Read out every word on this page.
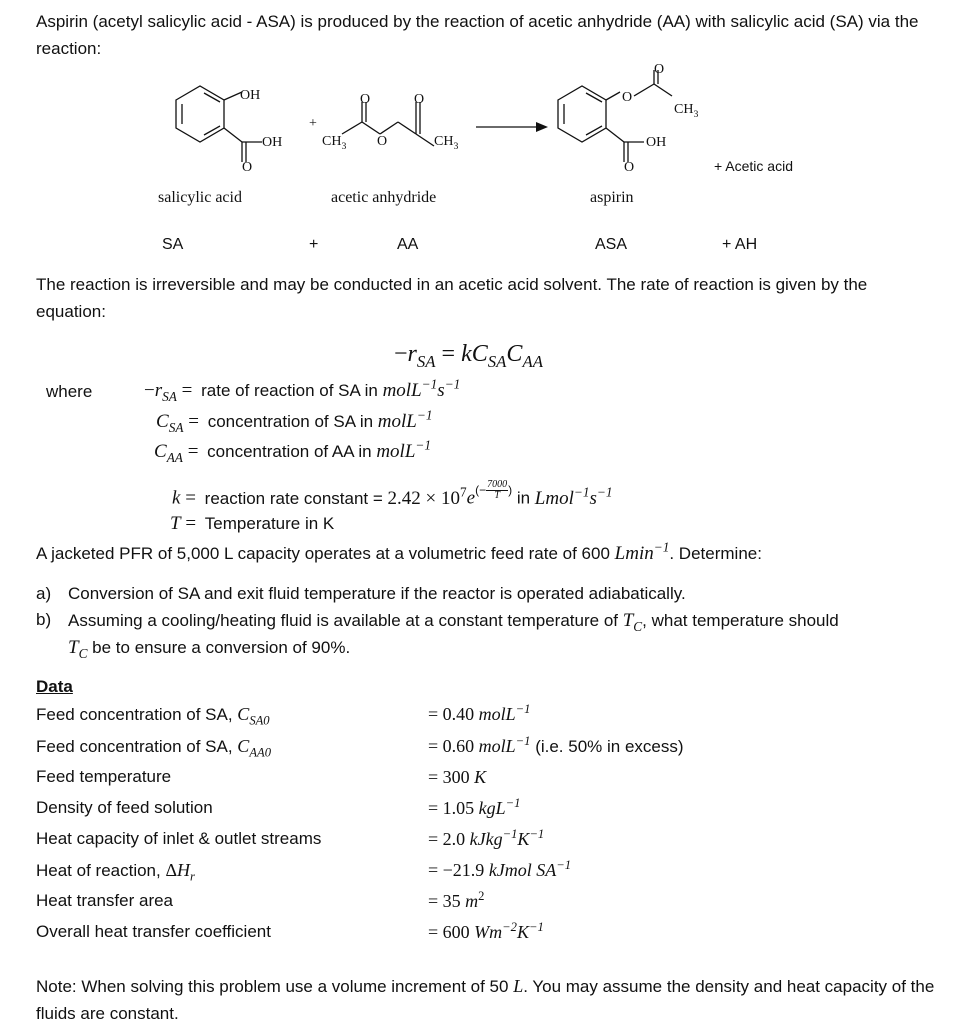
Aspirin (acetyl salicylic acid - ASA) is produced by the reaction of acetic anhydride (AA) with salicylic acid (SA) via the reaction:
OH
OH
O
+
$CH_3$
O
O
O
$CH_3$
O
O
$CH_3$
OH
O	+ Acetic acid
salicylic acid	acetic anhydride	aspirin
SA	+	AA	ASA	+ AH
The reaction is irreversible and may be conducted in an acetic acid solvent. The rate of reaction is given by the equation:
$-r_{SA} = kC_{SA}C_{AA}$
where	$-r_{SA}$ = rate of reaction of SA in $molL^{-1}s^{-1}$
$C_{SA}$ = concentration of SA in molL$^{-1}$
$C_{AA}$ = concentration of AA in molL$^{-1}$
k = reaction rate constant = $2.42 \times 10^7e^{(- \frac{7000}{T} )}$ in $Lmol^{-1}s^{-1}$
T = Temperature in K
A jacketed PFR of 5,000 L capacity operates at a volumetric feed rate of 600 Lmin$^{-1}$. Determine:
a) Conversion of SA and exit fluid temperature if the reactor is operated adiabatically.
b) Assuming a cooling/heating fluid is available at a constant temperature of $T_C$, what temperature should
$T_C$ be to ensure a conversion of 90%.
Data
Feed concentration of SA, $C_{SA0}$	= 0.40 molL$^{-1}$
Feed concentration of SA, $C_{AA0}$	= 0.60 molL$^{-1}$ (i.e. 50% in excess)
Feed temperature	= 300 K
Density of feed solution	= 1.05 kgL$^{-1}$
Heat capacity of inlet & outlet streams	= 2.0 $kJkg^{-1}K^{-1}$
Heat of reaction, $\Delta H_r$	= −21.9 kJmol $SA^{-1}$
Heat transfer area	= 35 $m^2$
Overall heat transfer coefficient	= 600 $Wm^{-2}K^{-1}$
Note: When solving this problem use a volume increment of 50 L. You may assume the density and heat capacity of the fluids are constant.
